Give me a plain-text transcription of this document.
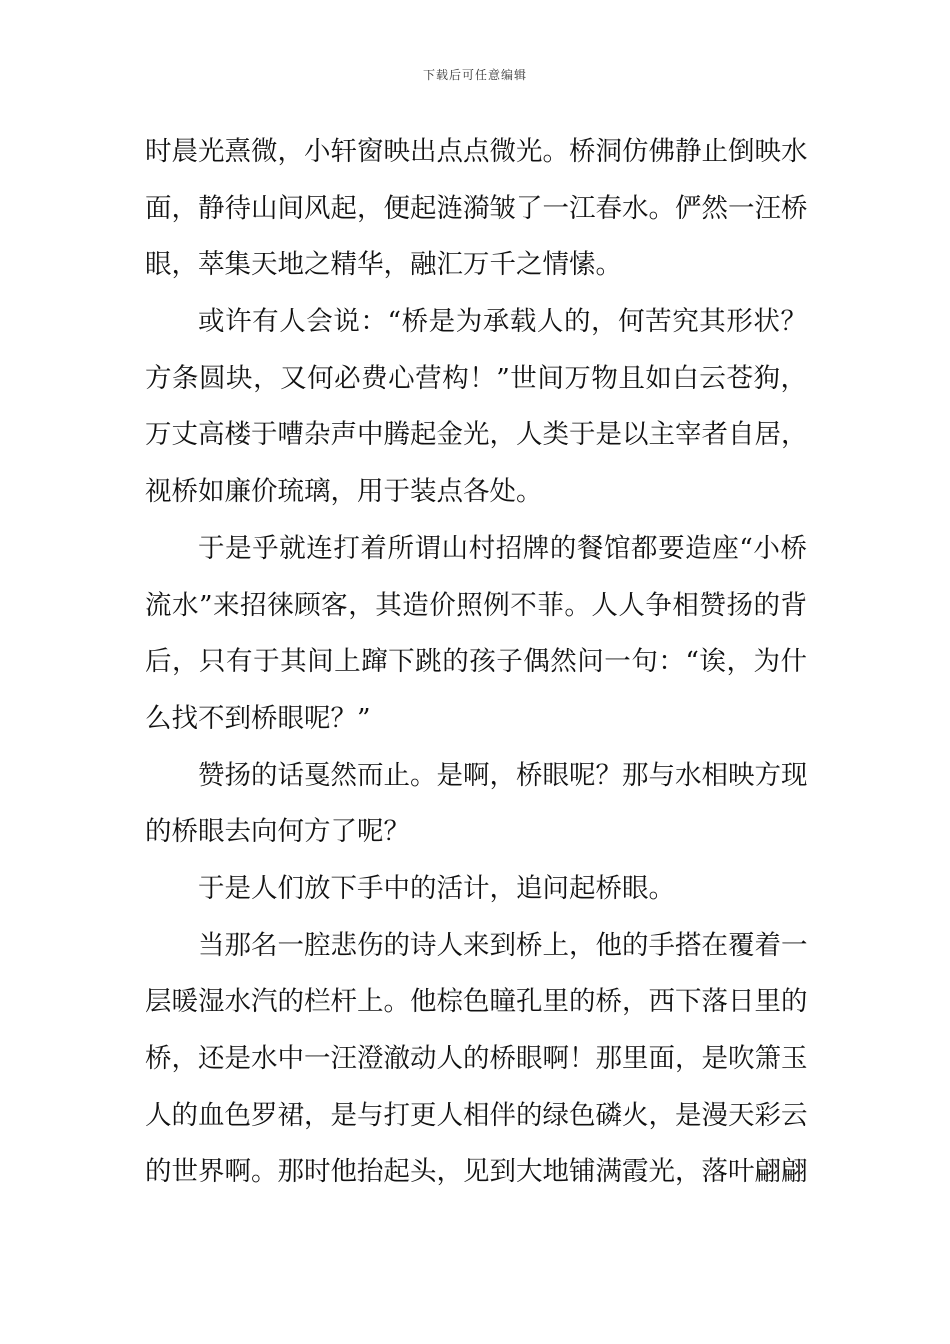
下载后可任意编辑
时晨光熹微，小轩窗映出点点微光。桥洞仿佛静止倒映水
面，静待山间风起，便起涟漪皱了一江春水。俨然一汪桥
眼，萃集天地之精华，融汇万千之情愫。
或许有人会说：“桥是为承载人的，何苦究其形状？
方条圆块，又何必费心营构！”世间万物且如白云苍狗，
万丈高楼于嘈杂声中腾起金光，人类于是以主宰者自居，
视桥如廉价琉璃，用于装点各处。
于是乎就连打着所谓山村招牌的餐馆都要造座“小桥
流水”来招徕顾客，其造价照例不菲。人人争相赞扬的背
后，只有于其间上蹿下跳的孩子偶然问一句：“诶，为什
么找不到桥眼呢？”
赞扬的话戛然而止。是啊，桥眼呢？那与水相映方现
的桥眼去向何方了呢？
于是人们放下手中的活计，追问起桥眼。
当那名一腔悲伤的诗人来到桥上，他的手搭在覆着一
层暖湿水汽的栏杆上。他棕色瞳孔里的桥，西下落日里的
桥，还是水中一汪澄澈动人的桥眼啊！那里面，是吹箫玉
人的血色罗裙，是与打更人相伴的绿色磷火，是漫天彩云
的世界啊。那时他抬起头，见到大地铺满霞光，落叶翩翩
